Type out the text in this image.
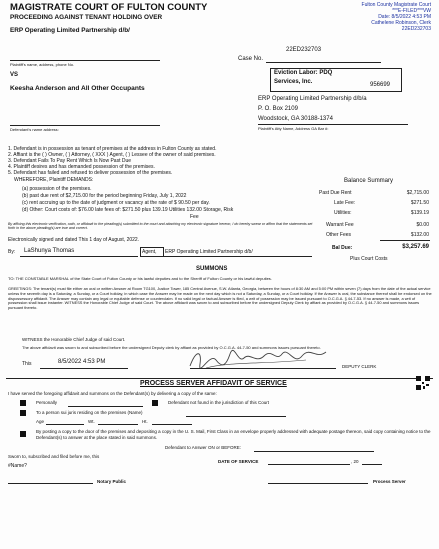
MAGISTRATE COURT OF FULTON COUNTY
PROCEEDING AGAINST TENANT HOLDING OVER
ERP Operating Limited Partnership d/b/
Plaintiff's name, address, phone No.
VS
Keesha Anderson and All Other Occupants
Defendant's name address:
Fulton County Magistrate Court
***E-FILED***VW
Date: 8/5/2022 4:53 PM
Cathelene Robinson, Clerk
22ED232703
22ED232703
Case No.
Eviction Labor: PDQ
Services, Inc.	956699
ERP Operating Limited Partnership d/b/a
P. O. Box 2109
Woodstock, GA 30188-1374
Plaintiff's Atty Name, Address GA Bar #:
1. Defendant is in possession as tenant of premises at the address in Fulton County as stated.
2. Affiant is the ( ) Owner, ( ) Attorney, ( XXX ) Agent, ( ) Lessee of the owner of said premises.
3. Defendant Fails To Pay Rent Which Is Now Past Due
4. Plaintiff desires and has demanded possession of the premises.
5. Defendant has failed and refused to deliver possession of the premises.
WHEREFORE, Plaintiff DEMANDS:
(a) possession of the premises.
(b) past due rent of $2,715.00 for the period beginning Friday, July 1, 2022
(c) rent accruing up to the date of judgment or vacancy at the rate of $ 90.50 per day.
(d) Other: Court costs of: $76.00 late fees of: $271.50 plus 139.19 Utilities 132.00 Storage, Risk
Fee
Balance Summary
Past Due Rent	$2,715.00
Late Fee:	$271.50
Utilities:	$139.19
Warrant Fee	$0.00
Other Fees	$132.00
Bal Due:	$3,257.69
Plus Court Costs
By affixing this electronic verification, oath, or affidavit to the pleading(s) submitted to the court and attaching my electronic signature hereon, I do hereby swear or affirm that the statements set forth in the above pleading(s) are true and correct.
Electronically signed and dated This 1 day of August, 2022.
By: LaShunya Thomas	Agent, ERP Operating Limited Partnership d/b/
SUMMONS
TO: THE CONSTABLE MARSHAL of the State Court of Fulton County or his lawful deputies and to the Sheriff of Fulton County or his lawful deputies.
GREETINGS: The tenant(s) must file either an oral or written Answer at Room TG100, Justice Tower, 185 Central Avenue, S.W. Atlanta, Georgia, between the hours of 8:30 AM and 5:00 PM within seven (7) days from the date of the actual service unless the seventh day is a Saturday, a Sunday, or a Court holiday, in which case the Answer may be made on the next day which is not a Saturday, a Sunday, or a Court holiday. If the Answer is oral, the substance thereof shall be endorsed on the dispossessory affidavit. The Answer may contain any legal or equitable defense or counterclaim. If no valid legal or factual Answer is filed, a writ of possession may be issued pursuant to O.C.G.A. § 44-7-53. If no answer is made, a writ of possession shall issue instanter. WITNESS the Honorable Chief Judge of said Court. The above affidavit was sworn to and subscribed before the undersigned Deputy Clerk by affiant as provided by O.C.G.A. § 44-7-50 and summons issues pursuant thereto.
WITNESS the Honorable Chief Judge of said Court.
The above affidavit was sworn to and subscribed before the undersigned Deputy clerk by affiant as provided by O.C.G.A. 44-7-50 and summons issues pursuant thereto.
This	8/5/2022 4:53 PM
DEPUTY CLERK
PROCESS SERVER AFFIDAVIT OF SERVICE
I have served the foregoing affidavit and summons on the Defendant(s) by delivering a copy of the same:
Personally	Defendant not found in the jurisdiction of this Court
To a person sui juris residing on the premises (Name)
Age	Wt.	Ht.
By posting a copy to the door of the premises and depositing a copy in the U. S. Mail, First Class in an envelope properly addressed with adequate postage thereon, said copy containing notice to the Defendant(s) to answer at the place stated in said summons.
Defendant to Answer ON or BEFORE:
Sworn to, subscribed and filed before me, this
#Name?
DATE OF SERVICE	, 20
Notary Public	Process Server
